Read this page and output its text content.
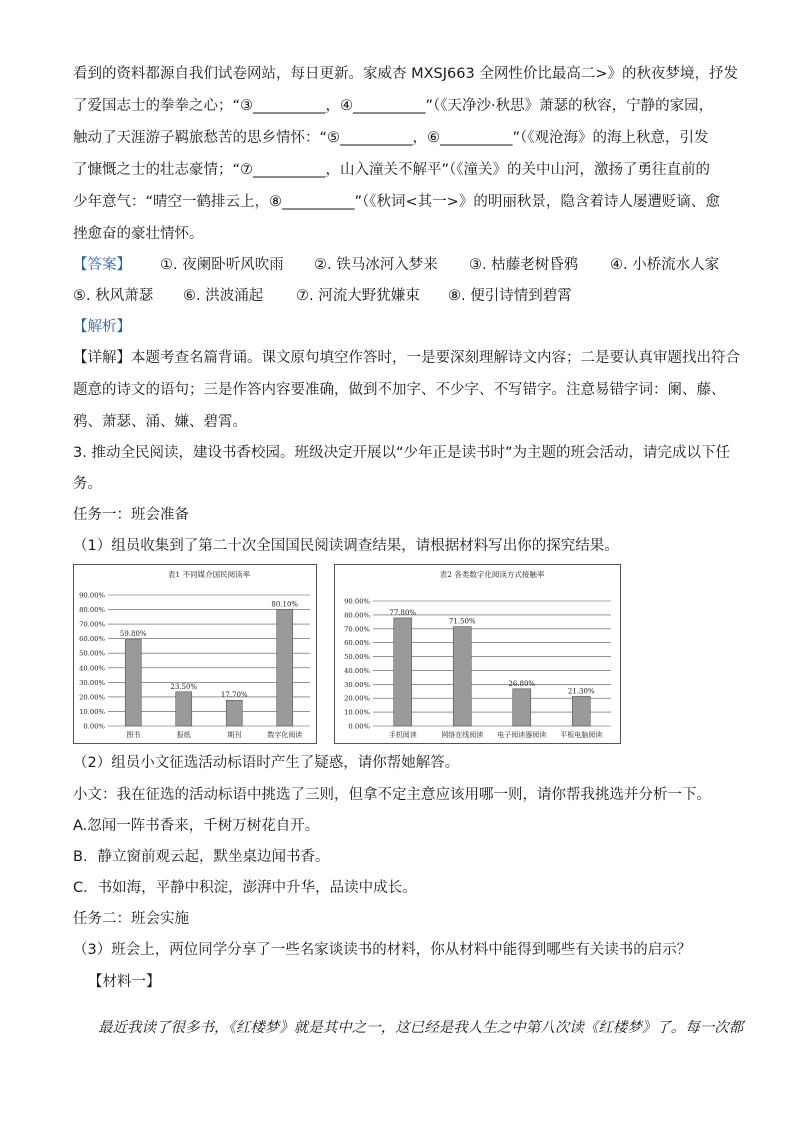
看到的资料都源自我们试卷网站，每日更新。家威杏 MXSJ663 全网性价比最高二>》的秋夜梦境，抒发

了爱国志士的拳拳之心；“③__________，④__________”（《天净沙·秋思》萧瑟的秋容，宁静的家园，

触动了天涯游子羁旅愁苦的思乡情怀：“⑤__________，⑥__________”（《观沧海》的海上秋意，引发

了慷慨之士的壮志豪情；“⑦__________，山入潼关不解平”（《潼关》的关中山河，激扬了勇往直前的

少年意气：“晴空一鹤排云上，⑧__________”（《秋词<其一>》的明丽秋景，隐含着诗人屡遭贬谪、愈

挫愈奋的豪壮情怀。

【答案】 ①. 夜阑卧听风吹雨 ②. 铁马冰河入梦来 ③. 枯藤老树昏鸦 ④. 小桥流水人家
⑤. 秋风萧瑟 ⑥. 洪波涌起 ⑦. 河流大野犹嫌束 ⑧. 便引诗情到碧霄

【解析】

【详解】本题考查名篇背诵。课文原句填空作答时，一是要深刻理解诗文内容；二是要认真审题找出符合

题意的诗文的语句；三是作答内容要准确，做到不加字、不少字、不写错字。注意易错字词：阑、藤、

鸦、萧瑟、涌、嫌、碧霄。

3. 推动全民阅读，建设书香校园。班级决定开展以“少年正是读书时”为主题的班会活动，请完成以下任

务。

任务一：班会准备

（1）组员收集到了第二十次全国国民阅读调查结果，请根据材料写出你的探究结果。

表1 不同媒介国民阅读率
0.00%
10.00%
20.00%
30.00%
40.00%
50.00%
60.00%
70.00%
80.00%
90.00%
59.80%
图书
23.50%
报纸
17.70%
期刊
80.10%
数字化阅读
表2 各类数字化阅读方式接触率
0.00%
10.00%
20.00%
30.00%
40.00%
50.00%
60.00%
70.00%
80.00%
90.00%
77.80%
手机阅读
71.50%
网络在线阅读
26.80%
电子阅读器阅读
21.30%
平板电脑阅读

（2）组员小文征选活动标语时产生了疑惑，请你帮她解答。

小文：我在征选的活动标语中挑选了三则，但拿不定主意应该用哪一则，请你帮我挑选并分析一下。

A.忽闻一阵书香来，千树万树花自开。

B．静立窗前观云起，默坐桌边闻书香。

C．书如海，平静中积淀，澎湃中升华，品读中成长。

任务二：班会实施

（3）班会上，两位同学分享了一些名家谈读书的材料，你从材料中能得到哪些有关读书的启示？

【材料一】

最近我读了很多书，《红楼梦》就是其中之一，这已经是我人生之中第八次读《红楼梦》了。每一次都
